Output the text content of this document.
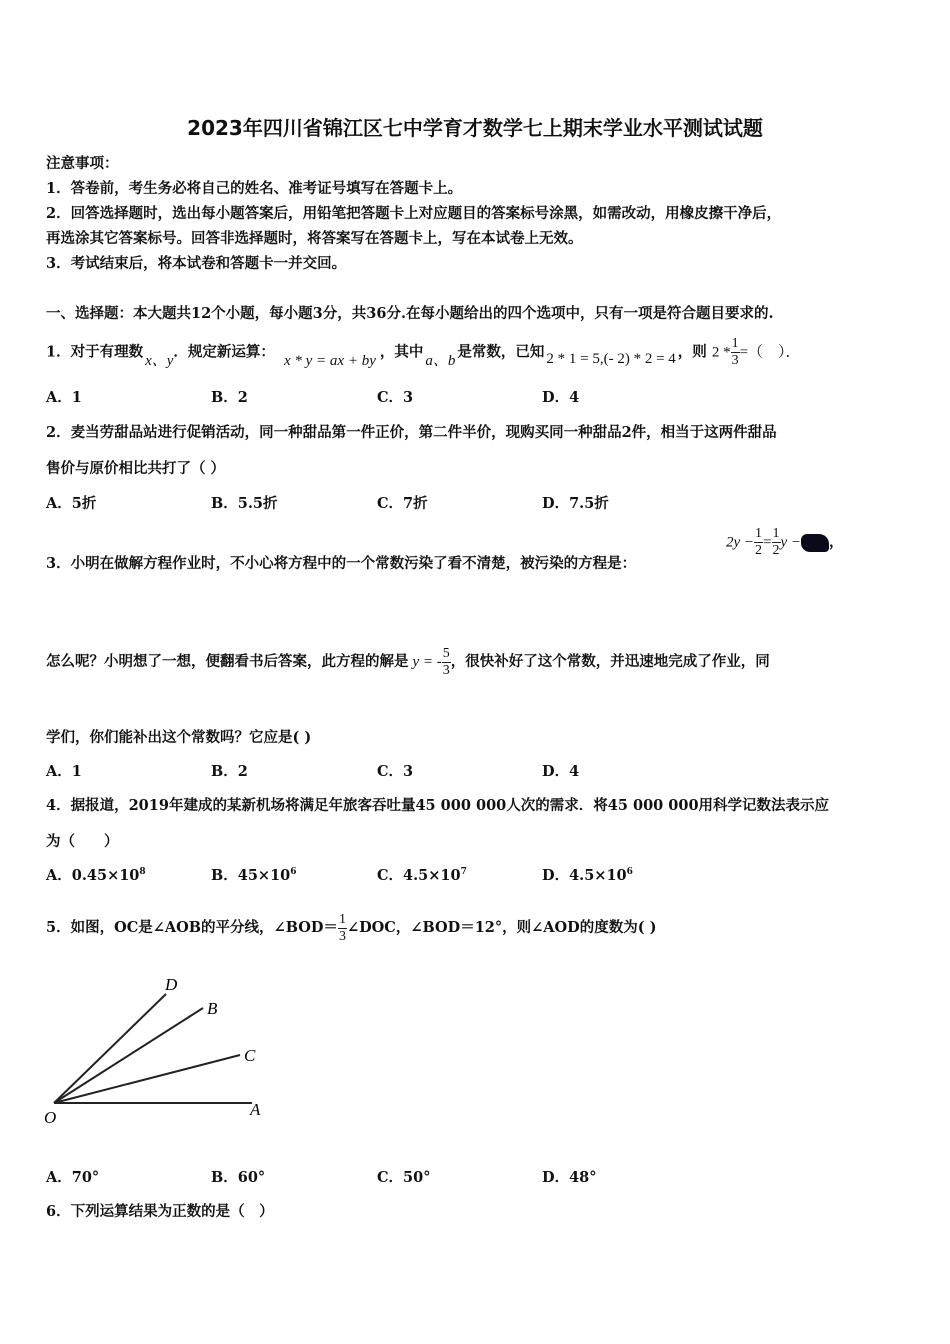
2023年四川省锦江区七中学育才数学七上期末学业水平测试试题
注意事项：
1．答卷前，考生务必将自己的姓名、准考证号填写在答题卡上。
2．回答选择题时，选出每小题答案后，用铅笔把答题卡上对应题目的答案标号涂黑，如需改动，用橡皮擦干净后，
再选涂其它答案标号。回答非选择题时，将答案写在答题卡上，写在本试卷上无效。
3．考试结束后，将本试卷和答题卡一并交回。
一、选择题：本大题共12个小题，每小题3分，共36分.在每小题给出的四个选项中，只有一项是符合题目要求的.
1．对于有理数 x、y．规定新运算： x * y = ax + by ，其中 a、b 是常数，已知 2 * 1 = 5,(- 2) * 2 = 4 ，则 $2 * \frac{1}{3}$ =（　）．
A．1	B．2	C．3	D．4
2．麦当劳甜品站进行促销活动，同一种甜品第一件正价，第二件半价，现购买同一种甜品2件，相当于这两件甜品
售价与原价相比共打了（ ）
A．5折	B．5.5折	C．7折	D．7.5折
3．小明在做解方程作业时，不小心将方程中的一个常数污染了看不清楚，被污染的方程是：
$2y - \frac{1}{2} = \frac{1}{2}$ y − ，
怎么呢？小明想了一想，便翻看书后答案，此方程的解是 y = - $\frac{5}{3}$ ，很快补好了这个常数，并迅速地完成了作业，同
学们，你们能补出这个常数吗？它应是( )
A．1	B．2	C．3	D．4
4．据报道，2019年建成的某新机场将满足年旅客吞吐量45 000 000人次的需求．将45 000 000用科学记数法表示应
为（　　）
A．$0.45\times 10^8$	B．$45\times 10^6$	C．$4.5\times 10^7$	D．$4.5\times 10^6$
5．如图，OC是∠AOB的平分线，∠BOD＝ $\frac{1}{3}$ ∠DOC，∠BOD＝12°，则∠AOD的度数为( )
D
B
C
O	A
A．70°	B．60°	C．50°	D．48°
6．下列运算结果为正数的是（　）
